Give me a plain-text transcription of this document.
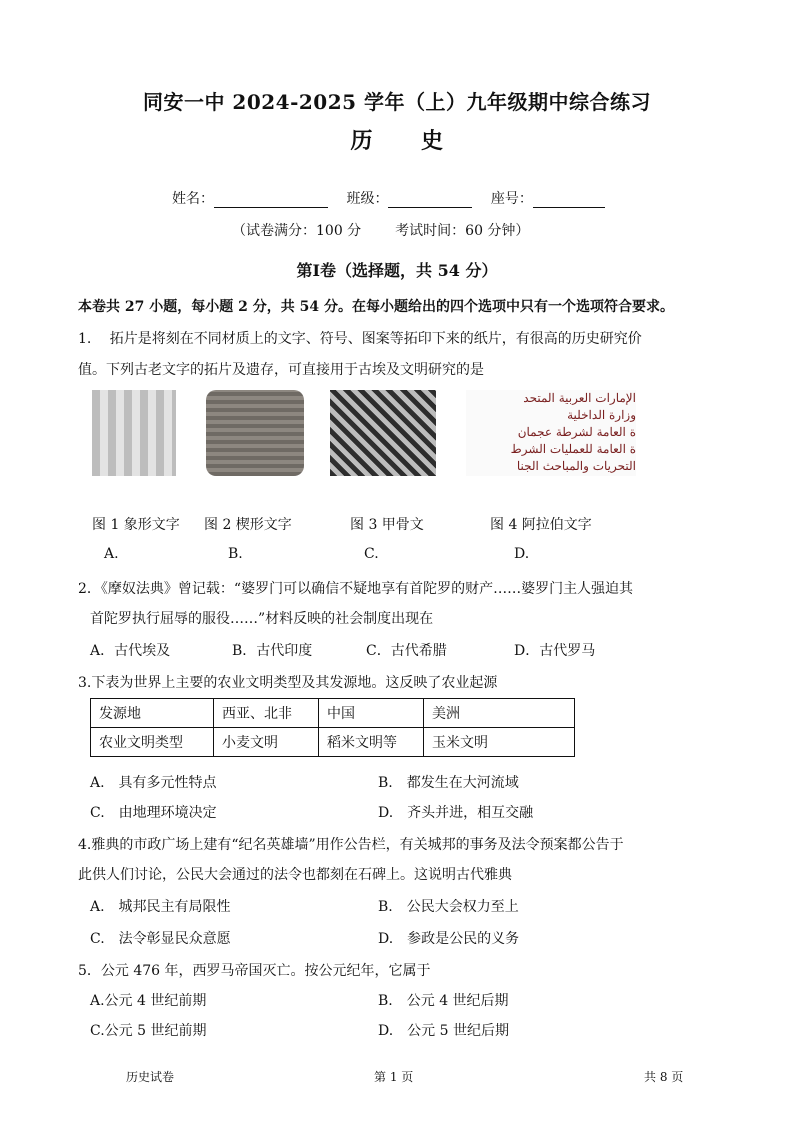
同安一中 2024-2025 学年（上）九年级期中综合练习
历 史
姓名：	班级：	座号：
（试卷满分：100 分 考试时间：60 分钟）
第Ⅰ卷（选择题，共 54 分）
本卷共 27 小题，每小题 2 分，共 54 分。在每小题给出的四个选项中只有一个选项符合要求。
1.　 拓片是将刻在不同材质上的文字、符号、图案等拓印下来的纸片，有很高的历史研究价
值。下列古老文字的拓片及遗存，可直接用于古埃及文明研究的是
الإمارات العربية المتحد
وزارة الداخلية
ة العامة لشرطة عجمان
ة العامة للعمليات الشرط
التحريات والمباحث الجنا
图 1 象形文字 图 2 楔形文字	图 3 甲骨文	图 4 阿拉伯文字
A.	B.	C.	D.
2．《摩奴法典》曾记载：“婆罗门可以确信不疑地享有首陀罗的财产……婆罗门主人强迫其
首陀罗执行屈辱的服役……”材料反映的社会制度出现在
A．古代埃及	B．古代印度	C．古代希腊	D．古代罗马
3.下表为世界上主要的农业文明类型及其发源地。这反映了农业起源
发源地	西亚、北非	中国	美洲
农业文明类型	小麦文明	稻米文明等	玉米文明
A.　具有多元性特点	B.　都发生在大河流域
C.　由地理环境决定	D.　齐头并进，相互交融
4.雅典的市政广场上建有“纪名英雄墙”用作公告栏，有关城邦的事务及法令预案都公告于
此供人们讨论，公民大会通过的法令也都刻在石碑上。这说明古代雅典
A.　城邦民主有局限性	B.　公民大会权力至上
C.　法令彰显民众意愿	D.　参政是公民的义务
5．公元 476 年，西罗马帝国灭亡。按公元纪年，它属于
A.公元 4 世纪前期	B.　公元 4 世纪后期
C.公元 5 世纪前期	D.　公元 5 世纪后期
历史试卷	第 1 页	共 8 页
